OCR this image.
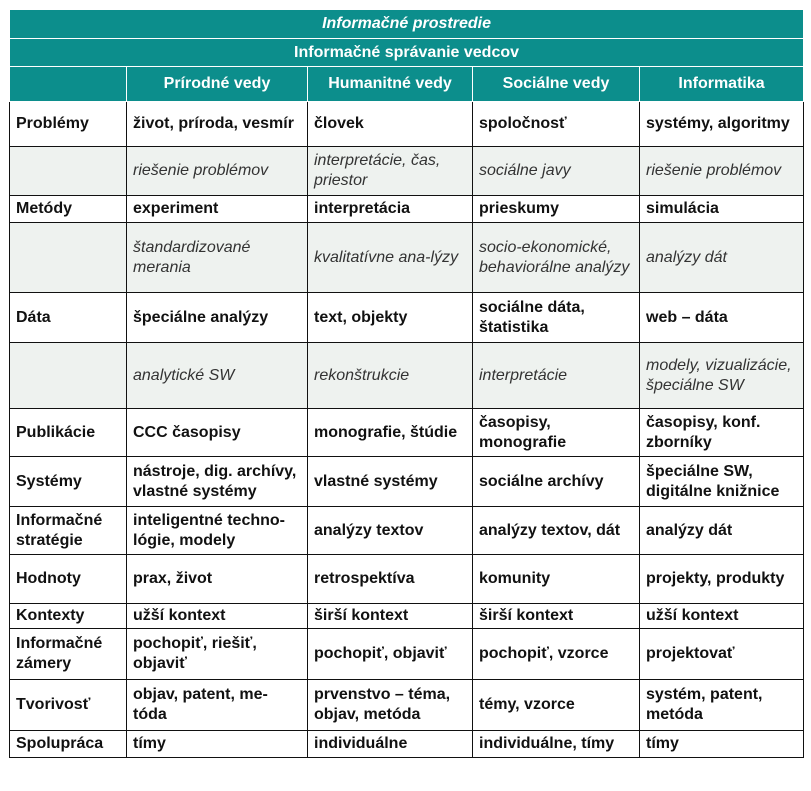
Informačné prostredie				
Informačné správanie vedcov				
	Prírodné vedy	Humanitné vedy	Sociálne vedy	Informatika
Problémy	život, príroda, vesmír	človek	spoločnosť	systémy, algoritmy
	riešenie problémov	interpretácie, čas, priestor	sociálne javy	riešenie problémov
Metódy	experiment	interpretácia	prieskumy	simulácia
	štandardizované merania	kvalitatívne ana-lýzy	socio-ekonomické, behaviorálne analýzy	analýzy dát
Dáta	špeciálne analýzy	text, objekty	sociálne dáta, štatistika	web – dáta
	analytické SW	rekonštrukcie	interpretácie	modely, vizualizácie, špeciálne SW
Publikácie	CCC časopisy	monografie, štúdie	časopisy, monografie	časopisy, konf. zborníky
Systémy	nástroje, dig. archívy, vlastné systémy	vlastné systémy	sociálne archívy	špeciálne SW, digitálne knižnice
Informačné stratégie	inteligentné techno-lógie, modely	analýzy textov	analýzy textov, dát	analýzy dát
Hodnoty	prax, život	retrospektíva	komunity	projekty, produkty
Kontexty	užší kontext	širší kontext	širší kontext	užší kontext
Informačné zámery	pochopiť, riešiť, objaviť	pochopiť, objaviť	pochopiť, vzorce	projektovať
Tvorivosť	objav, patent, me-tóda	prvenstvo – téma, objav, metóda	témy, vzorce	systém, patent, metóda
Spolupráca	tímy	individuálne	individuálne, tímy	tímy
